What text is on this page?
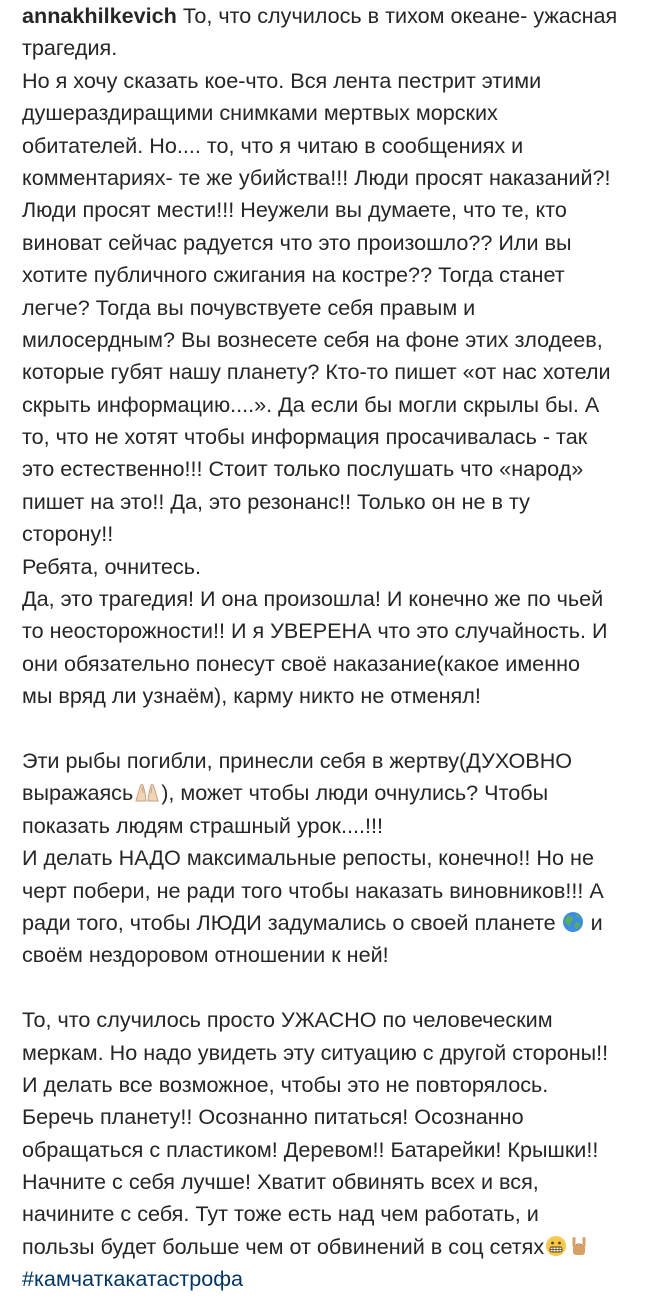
annakhilkevich То, что случилось в тихом океане- ужасная
трагедия.
Но я хочу сказать кое-что. Вся лента пестрит этими
душераздиращими снимками мертвых морских
обитателей. Но.... то, что я читаю в сообщениях и
комментариях- те же убийства!!! Люди просят наказаний?!
Люди просят мести!!! Неужели вы думаете, что те, кто
виноват сейчас радуется что это произошло?? Или вы
хотите публичного сжигания на костре?? Тогда станет
легче? Тогда вы почувствуете себя правым и
милосердным? Вы вознесете себя на фоне этих злодеев,
которые губят нашу планету? Кто-то пишет «от нас хотели
скрыть информацию....». Да если бы могли скрылы бы. А
то, что не хотят чтобы информация просачивалась - так
это естественно!!! Стоит только послушать что «народ»
пишет на это!! Да, это резонанс!! Только он не в ту
сторону!!
Ребята, очнитесь.
Да, это трагедия! И она произошла! И конечно же по чьей
то неосторожности!! И я УВЕРЕНА что это случайность. И
они обязательно понесут своё наказание(какое именно
мы вряд ли узнаём), карму никто не отменял!
Эти рыбы погибли, принесли себя в жертву(ДУХОВНО
выражаясь ), может чтобы люди очнулись? Чтобы
показать людям страшный урок....!!!
И делать НАДО максимальные репосты, конечно!! Но не
черт побери, не ради того чтобы наказать виновников!!! А
ради того, чтобы ЛЮДИ задумались о своей планете и
своём нездоровом отношении к ней!
То, что случилось просто УЖАСНО по человеческим
меркам. Но надо увидеть эту ситуацию с другой стороны!!
И делать все возможное, чтобы это не повторялось.
Беречь планету!! Осознанно питаться! Осознанно
обращаться с пластиком! Деревом!! Батарейки! Крышки!!
Начните с себя лучше! Хватит обвинять всех и вся,
начините с себя. Тут тоже есть над чем работать, и
пользы будет больше чем от обвинений в соц сетях
#камчаткакатастрофа
